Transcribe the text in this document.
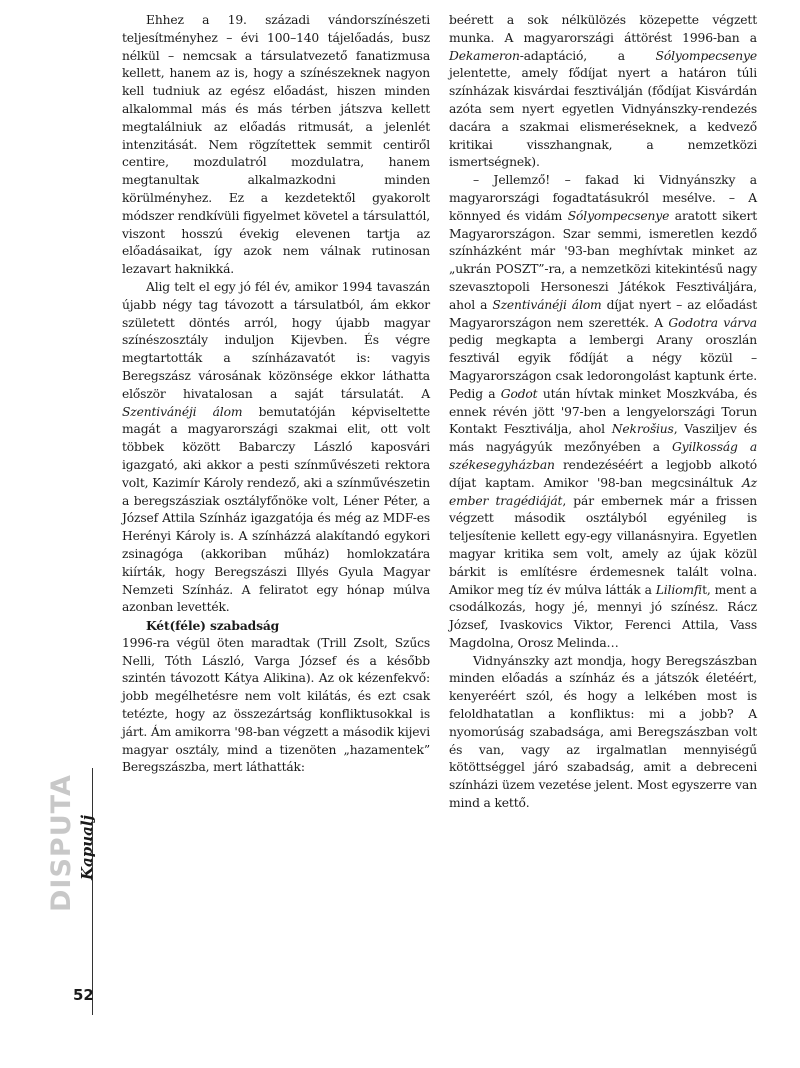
Ehhez a 19. századi vándorszínészeti teljesítményhez – évi 100–140 tájelőadás, busz nélkül – nemcsak a társulatvezető fanatizmusa kellett, hanem az is, hogy a színészeknek nagyon kell tudniuk az egész előadást, hiszen minden alkalommal más és más térben játszva kellett megtalálniuk az előadás ritmusát, a jelenlét intenzitását. Nem rögzítettek semmit centiről centire, mozdulatról mozdulatra, hanem megtanultak alkalmazkodni minden körülményhez. Ez a kezdetektől gyakorolt módszer rendkívüli figyelmet követel a társulattól, viszont hosszú évekig elevenen tartja az előadásaikat, így azok nem válnak rutinosan lezavart haknikká.

Alig telt el egy jó fél év, amikor 1994 tavaszán újabb négy tag távozott a társulatból, ám ekkor született döntés arról, hogy újabb magyar színészosztály induljon Kijevben. És végre megtartották a színházavatót is: vagyis Beregszász városának közönsége ekkor láthatta először hivatalosan a saját társulatát. A Szentivánéji álom bemutatóján képviseltette magát a magyarországi szakmai elit, ott volt többek között Babarczy László kaposvári igazgató, aki akkor a pesti színművészeti rektora volt, Kazimír Károly rendező, aki a színművészetin a beregszásziak osztályfőnöke volt, Léner Péter, a József Attila Színház igazgatója és még az MDF-es Herényi Károly is. A színházzá alakítandó egykori zsinagóga (akkoriban műház) homlokzatára kiírták, hogy Beregszászi Illyés Gyula Magyar Nemzeti Színház. A feliratot egy hónap múlva azonban levették.

Két(féle) szabadság

1996-ra végül öten maradtak (Trill Zsolt, Szűcs Nelli, Tóth László, Varga József és a később szintén távozott Kátya Alikina). Az ok kézenfekvő: jobb megélhetésre nem volt kilátás, és ezt csak tetézte, hogy az összezártság konfliktusokkal is járt. Ám amikorra '98-ban végzett a második kijevi magyar osztály, mind a tizenöten „hazamentek” Beregszászba, mert láthatták:

beérett a sok nélkülözés közepette végzett munka. A magyarországi áttörést 1996-ban a Dekameron-adaptáció, a Sólyompecsenye jelentette, amely fődíjat nyert a határon túli színházak kisvárdai fesztiválján (fődíjat Kisvárdán azóta sem nyert egyetlen Vidnyánszky-rendezés dacára a szakmai elismeréseknek, a kedvező kritikai visszhangnak, a nemzetközi ismertségnek).

– Jellemző! – fakad ki Vidnyánszky a magyarországi fogadtatásukról mesélve. – A könnyed és vidám Sólyompecsenye aratott sikert Magyarországon. Szar semmi, ismeretlen kezdő színházként már '93-ban meghívtak minket az „ukrán POSZT”-ra, a nemzetközi kitekintésű nagy szevasztopoli Hersoneszi Játékok Fesztiváljára, ahol a Szentivánéji álom díjat nyert – az előadást Magyarországon nem szerették. A Godotra várva pedig megkapta a lembergi Arany oroszlán fesztivál egyik fődíját a négy közül – Magyarországon csak ledorongolást kaptunk érte. Pedig a Godot után hívtak minket Moszkvába, és ennek révén jött '97-ben a lengyelországi Torun Kontakt Fesztiválja, ahol Nekrošius, Vasziljev és más nagyágyúk mezőnyében a Gyilkosság a székesegyházban rendezéséért a legjobb alkotó díjat kaptam. Amikor '98-ban megcsináltuk Az ember tragédiáját, pár embernek már a frissen végzett második osztályból egyénileg is teljesítenie kellett egy-egy villanásnyira. Egyetlen magyar kritika sem volt, amely az újak közül bárkit is említésre érdemesnek talált volna. Amikor meg tíz év múlva látták a Liliomfit, ment a csodálkozás, hogy jé, mennyi jó színész. Rácz József, Ivaskovics Viktor, Ferenci Attila, Vass Magdolna, Orosz Melinda…

Vidnyánszky azt mondja, hogy Beregszászban minden előadás a színház és a játszók életéért, kenyeréért szól, és hogy a lelkében most is feloldhatatlan a konfliktus: mi a jobb? A nyomorúság szabadsága, ami Beregszászban volt és van, vagy az irgalmatlan mennyiségű kötöttséggel járó szabadság, amit a debreceni színházi üzem vezetése jelent. Most egyszerre van mind a kettő.

DISPUTA Kapualj
52
